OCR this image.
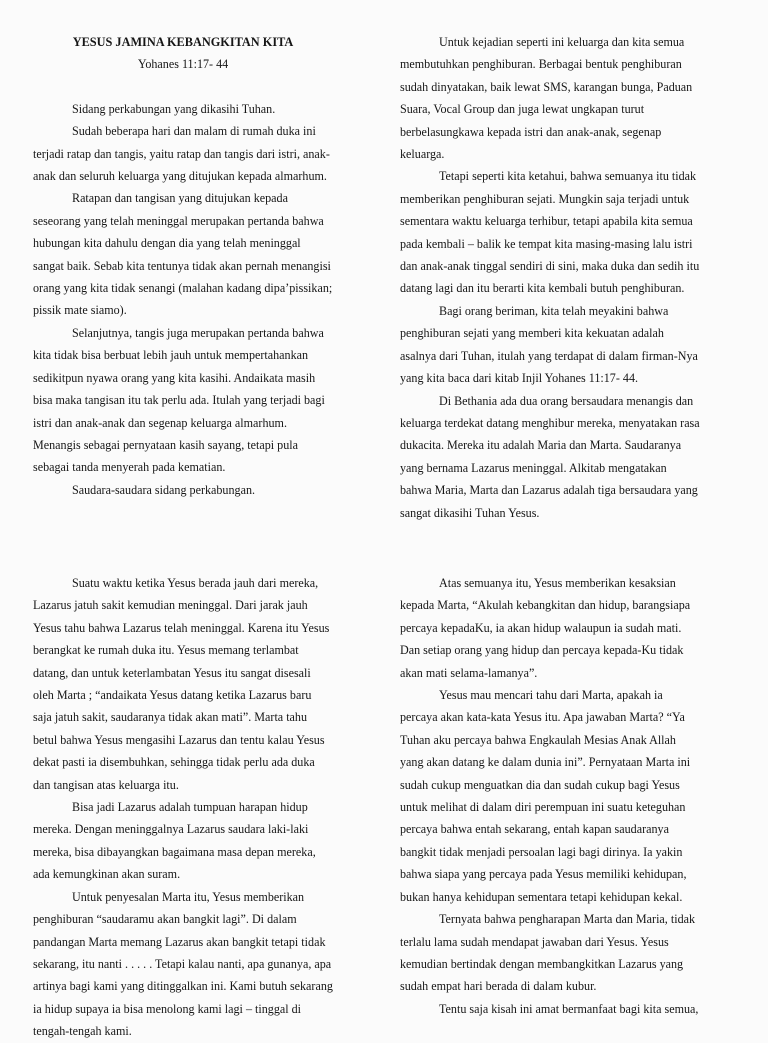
YESUS JAMINA KEBANGKITAN KITA

Yohanes 11:17- 44

Sidang perkabungan yang dikasihi Tuhan.

Sudah beberapa hari dan malam di rumah duka ini terjadi ratap dan tangis, yaitu ratap dan tangis dari istri, anak-anak dan seluruh keluarga yang ditujukan kepada almarhum.

Ratapan dan tangisan yang ditujukan kepada seseorang yang telah meninggal merupakan pertanda bahwa hubungan kita dahulu dengan dia yang telah meninggal sangat baik. Sebab kita tentunya tidak akan pernah menangisi orang yang kita tidak senangi (malahan kadang dipa’pissikan; pissik mate siamo).

Selanjutnya, tangis juga merupakan pertanda bahwa kita tidak bisa berbuat lebih jauh untuk mempertahankan sedikitpun nyawa orang yang kita kasihi. Andaikata masih bisa maka tangisan itu tak perlu ada. Itulah yang terjadi bagi istri dan anak-anak dan segenap keluarga almarhum. Menangis sebagai pernyataan kasih sayang, tetapi pula sebagai tanda menyerah pada kematian.

Saudara-saudara sidang perkabungan.

Untuk kejadian seperti ini keluarga dan kita semua membutuhkan penghiburan. Berbagai bentuk penghiburan sudah dinyatakan, baik lewat SMS, karangan bunga, Paduan Suara, Vocal Group dan juga lewat ungkapan turut berbelasungkawa kepada istri dan anak-anak, segenap keluarga.

Tetapi seperti kita ketahui, bahwa semuanya itu tidak memberikan penghiburan sejati. Mungkin saja terjadi untuk sementara waktu keluarga terhibur, tetapi apabila kita semua pada kembali – balik ke tempat kita masing-masing lalu istri dan anak-anak tinggal sendiri di sini, maka duka dan sedih itu datang lagi dan itu berarti kita kembali butuh penghiburan.

Bagi orang beriman, kita telah meyakini bahwa penghiburan sejati yang memberi kita kekuatan adalah asalnya dari Tuhan, itulah yang terdapat di dalam firman-Nya yang kita baca dari kitab Injil Yohanes 11:17- 44.

Di Bethania ada dua orang bersaudara menangis dan keluarga terdekat datang menghibur mereka, menyatakan rasa dukacita. Mereka itu adalah Maria dan Marta. Saudaranya yang bernama Lazarus meninggal. Alkitab mengatakan bahwa Maria, Marta dan Lazarus adalah tiga bersaudara yang sangat dikasihi Tuhan Yesus.

Suatu waktu ketika Yesus berada jauh dari mereka, Lazarus jatuh sakit kemudian meninggal. Dari jarak jauh Yesus tahu bahwa Lazarus telah meninggal. Karena itu Yesus berangkat ke rumah duka itu. Yesus memang terlambat datang, dan untuk keterlambatan Yesus itu sangat disesali oleh Marta ; “andaikata Yesus datang ketika Lazarus baru saja jatuh sakit, saudaranya tidak akan mati”. Marta tahu betul bahwa Yesus mengasihi Lazarus dan tentu kalau Yesus dekat pasti ia disembuhkan, sehingga tidak perlu ada duka dan tangisan atas keluarga itu.

Bisa jadi Lazarus adalah tumpuan harapan hidup mereka. Dengan meninggalnya Lazarus saudara laki-laki mereka, bisa dibayangkan bagaimana masa depan mereka, ada kemungkinan akan suram.

Untuk penyesalan Marta itu, Yesus memberikan penghiburan “saudaramu akan bangkit lagi”. Di dalam pandangan Marta memang Lazarus akan bangkit tetapi tidak sekarang, itu nanti . . . . . Tetapi kalau nanti, apa gunanya, apa artinya bagi kami yang ditinggalkan ini. Kami butuh sekarang ia hidup supaya ia bisa menolong kami lagi – tinggal di tengah-tengah kami.

Atas semuanya itu, Yesus memberikan kesaksian kepada Marta, “Akulah kebangkitan dan hidup, barangsiapa percaya kepadaKu, ia akan hidup walaupun ia sudah mati. Dan setiap orang yang hidup dan percaya kepada-Ku tidak akan mati selama-lamanya”.

Yesus mau mencari tahu dari Marta, apakah ia percaya akan kata-kata Yesus itu. Apa jawaban Marta? “Ya Tuhan aku percaya bahwa Engkaulah Mesias Anak Allah yang akan datang ke dalam dunia ini”. Pernyataan Marta ini sudah cukup menguatkan dia dan sudah cukup bagi Yesus untuk melihat di dalam diri perempuan ini suatu keteguhan percaya bahwa entah sekarang, entah kapan saudaranya bangkit tidak menjadi persoalan lagi bagi dirinya. Ia yakin bahwa siapa yang percaya pada Yesus memiliki kehidupan, bukan hanya kehidupan sementara tetapi kehidupan kekal.

Ternyata bahwa pengharapan Marta dan Maria, tidak terlalu lama sudah mendapat jawaban dari Yesus. Yesus kemudian bertindak dengan membangkitkan Lazarus yang sudah empat hari berada di dalam kubur.

Tentu saja kisah ini amat bermanfaat bagi kita semua,
